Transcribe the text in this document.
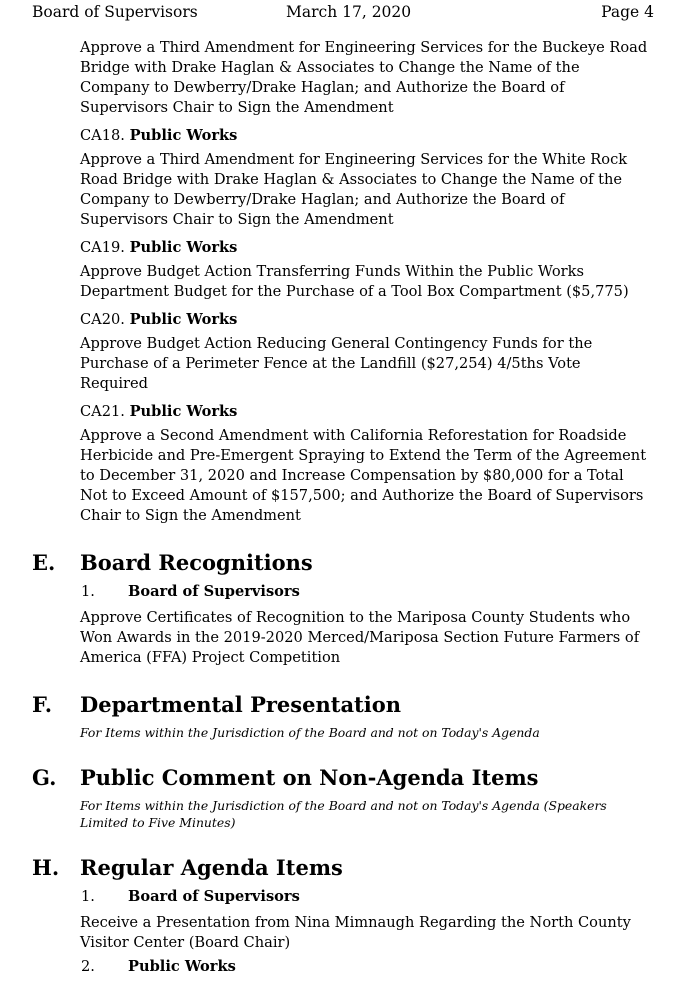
Board of Supervisors	March 17, 2020	Page 4

Approve a Third Amendment for Engineering Services for the Buckeye Road Bridge with Drake Haglan & Associates to Change the Name of the Company to Dewberry/Drake Haglan; and Authorize the Board of Supervisors Chair to Sign the Amendment

CA18. Public Works

Approve a Third Amendment for Engineering Services for the White Rock Road Bridge with Drake Haglan & Associates to Change the Name of the Company to Dewberry/Drake Haglan; and Authorize the Board of Supervisors Chair to Sign the Amendment

CA19. Public Works

Approve Budget Action Transferring Funds Within the Public Works Department Budget for the Purchase of a Tool Box Compartment ($5,775)

CA20. Public Works

Approve Budget Action Reducing General Contingency Funds for the Purchase of a Perimeter Fence at the Landfill ($27,254) 4/5ths Vote Required

CA21. Public Works

Approve a Second Amendment with California Reforestation for Roadside Herbicide and Pre-Emergent Spraying to Extend the Term of the Agreement to December 31, 2020 and Increase Compensation by $80,000 for a Total Not to Exceed Amount of $157,500; and Authorize the Board of Supervisors Chair to Sign the Amendment

E. Board Recognitions
1. Board of Supervisors

Approve Certificates of Recognition to the Mariposa County Students who Won Awards in the 2019-2020 Merced/Mariposa Section Future Farmers of America (FFA) Project Competition

F. Departmental Presentation

For Items within the Jurisdiction of the Board and not on Today's Agenda

G. Public Comment on Non-Agenda Items

For Items within the Jurisdiction of the Board and not on Today's Agenda (Speakers Limited to Five Minutes)

H. Regular Agenda Items
1. Board of Supervisors

Receive a Presentation from Nina Mimnaugh Regarding the North County Visitor Center (Board Chair)

2. Public Works
